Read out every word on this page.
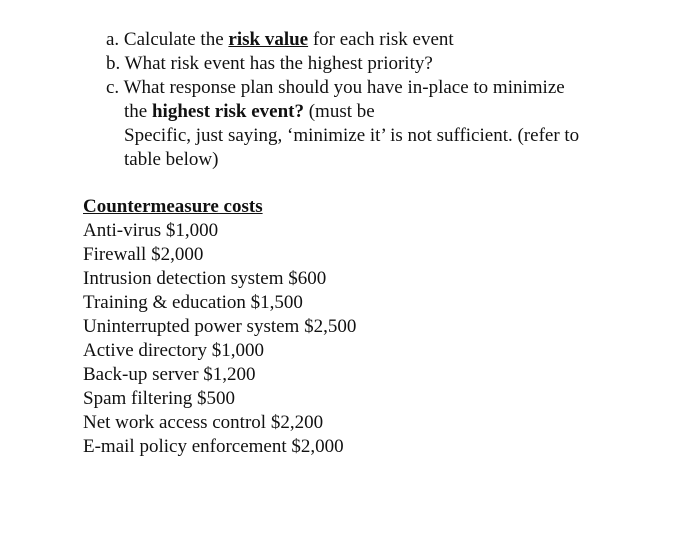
a. Calculate the risk value for each risk event
b. What risk event has the highest priority?
c. What response plan should you have in-place to minimize
the highest risk event? (must be
Specific, just saying, ‘minimize it’ is not sufficient. (refer to
table below)
Countermeasure costs
Anti-virus $1,000
Firewall $2,000
Intrusion detection system $600
Training & education $1,500
Uninterrupted power system $2,500
Active directory $1,000
Back-up server $1,200
Spam filtering $500
Net work access control $2,200
E-mail policy enforcement $2,000
